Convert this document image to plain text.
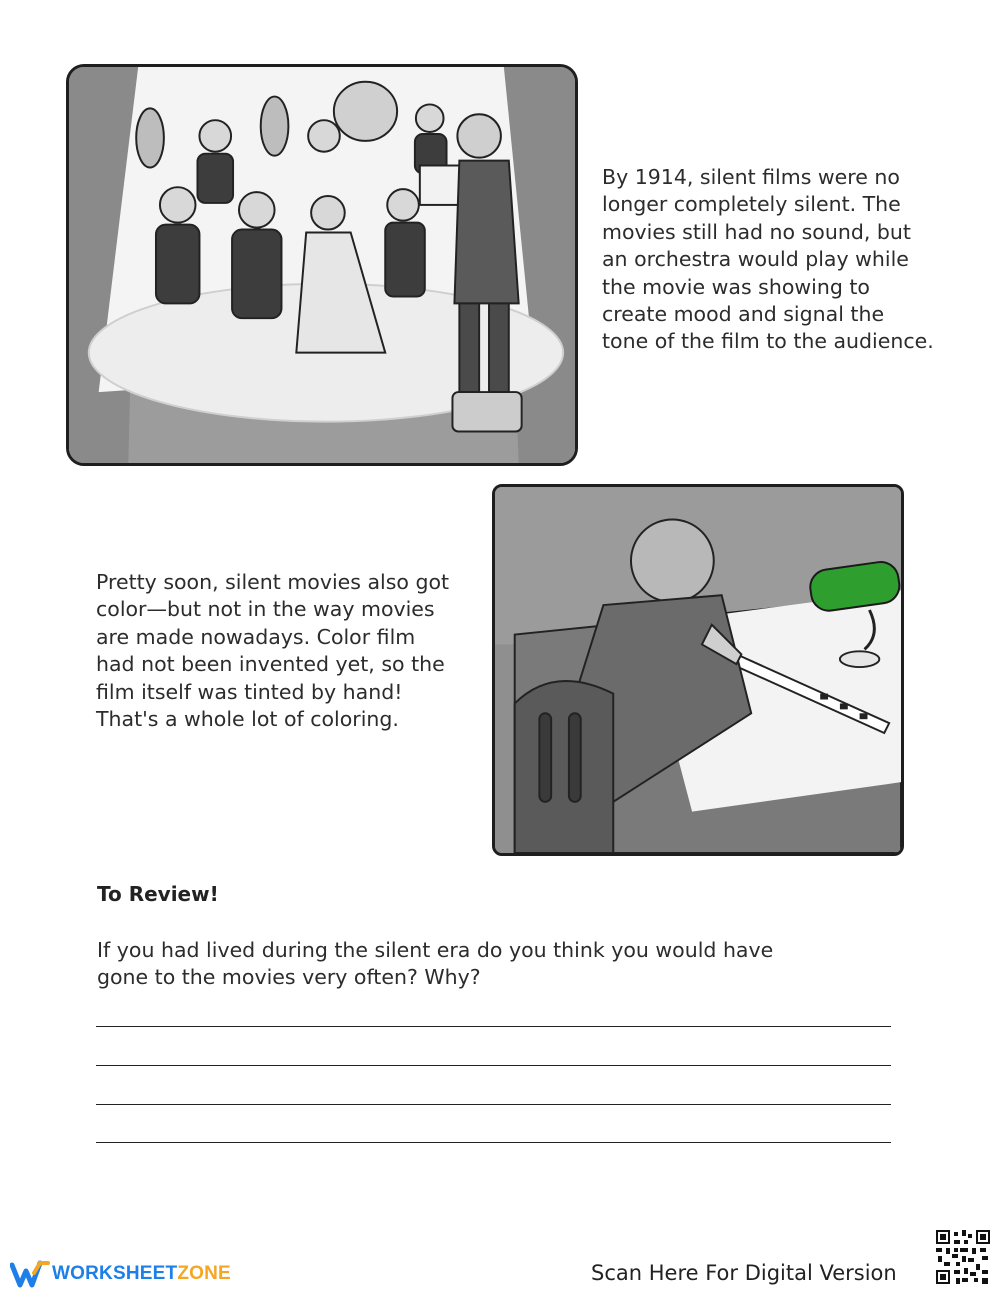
By 1914, silent films were no
longer completely silent. The
movies still had no sound, but
an orchestra would play while
the movie was showing to
create mood and signal the
tone of the film to the audience.
Pretty soon, silent movies also got
color—but not in the way movies
are made nowadays. Color film
had not been invented yet, so the
film itself was tinted by hand!
That's a whole lot of coloring.
To Review!
If you had lived during the silent era do you think you would have
gone to the movies very often? Why?
WORKSHEETZONE	Scan Here For Digital Version
